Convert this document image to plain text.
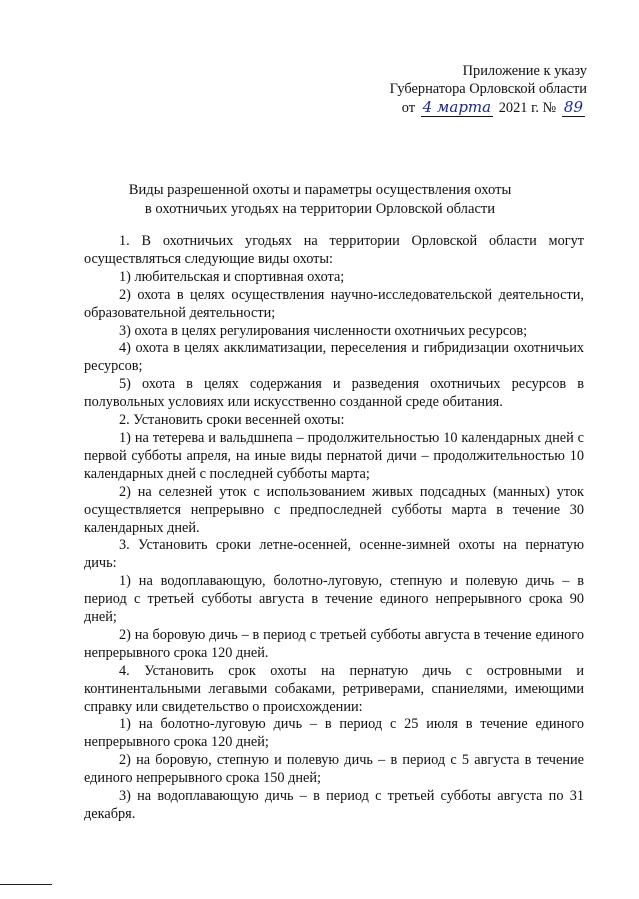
Приложение к указу
Губернатора Орловской области
от 4 марта 2021 г. № 89
Виды разрешенной охоты и параметры осуществления охоты
в охотничьих угодьях на территории Орловской области

1. В охотничьих угодьях на территории Орловской области могут осуществляться следующие виды охоты:

1) любительская и спортивная охота;

2) охота в целях осуществления научно-исследовательской деятельности, образовательной деятельности;

3) охота в целях регулирования численности охотничьих ресурсов;

4) охота в целях акклиматизации, переселения и гибридизации охотничьих ресурсов;

5) охота в целях содержания и разведения охотничьих ресурсов в полувольных условиях или искусственно созданной среде обитания.

2. Установить сроки весенней охоты:

1) на тетерева и вальдшнепа – продолжительностью 10 календарных дней с первой субботы апреля, на иные виды пернатой дичи – продолжительностью 10 календарных дней с последней субботы марта;

2) на селезней уток с использованием живых подсадных (манных) уток осуществляется непрерывно с предпоследней субботы марта в течение 30 календарных дней.

3. Установить сроки летне-осенней, осенне-зимней охоты на пернатую дичь:

1) на водоплавающую, болотно-луговую, степную и полевую дичь – в период с третьей субботы августа в течение единого непрерывного срока 90 дней;

2) на боровую дичь – в период с третьей субботы августа в течение единого непрерывного срока 120 дней.

4. Установить срок охоты на пернатую дичь с островными и континентальными легавыми собаками, ретриверами, спаниелями, имеющими справку или свидетельство о происхождении:

1) на болотно-луговую дичь – в период с 25 июля в течение единого непрерывного срока 120 дней;

2) на боровую, степную и полевую дичь – в период с 5 августа в течение единого непрерывного срока 150 дней;

3) на водоплавающую дичь – в период с третьей субботы августа по 31 декабря.
